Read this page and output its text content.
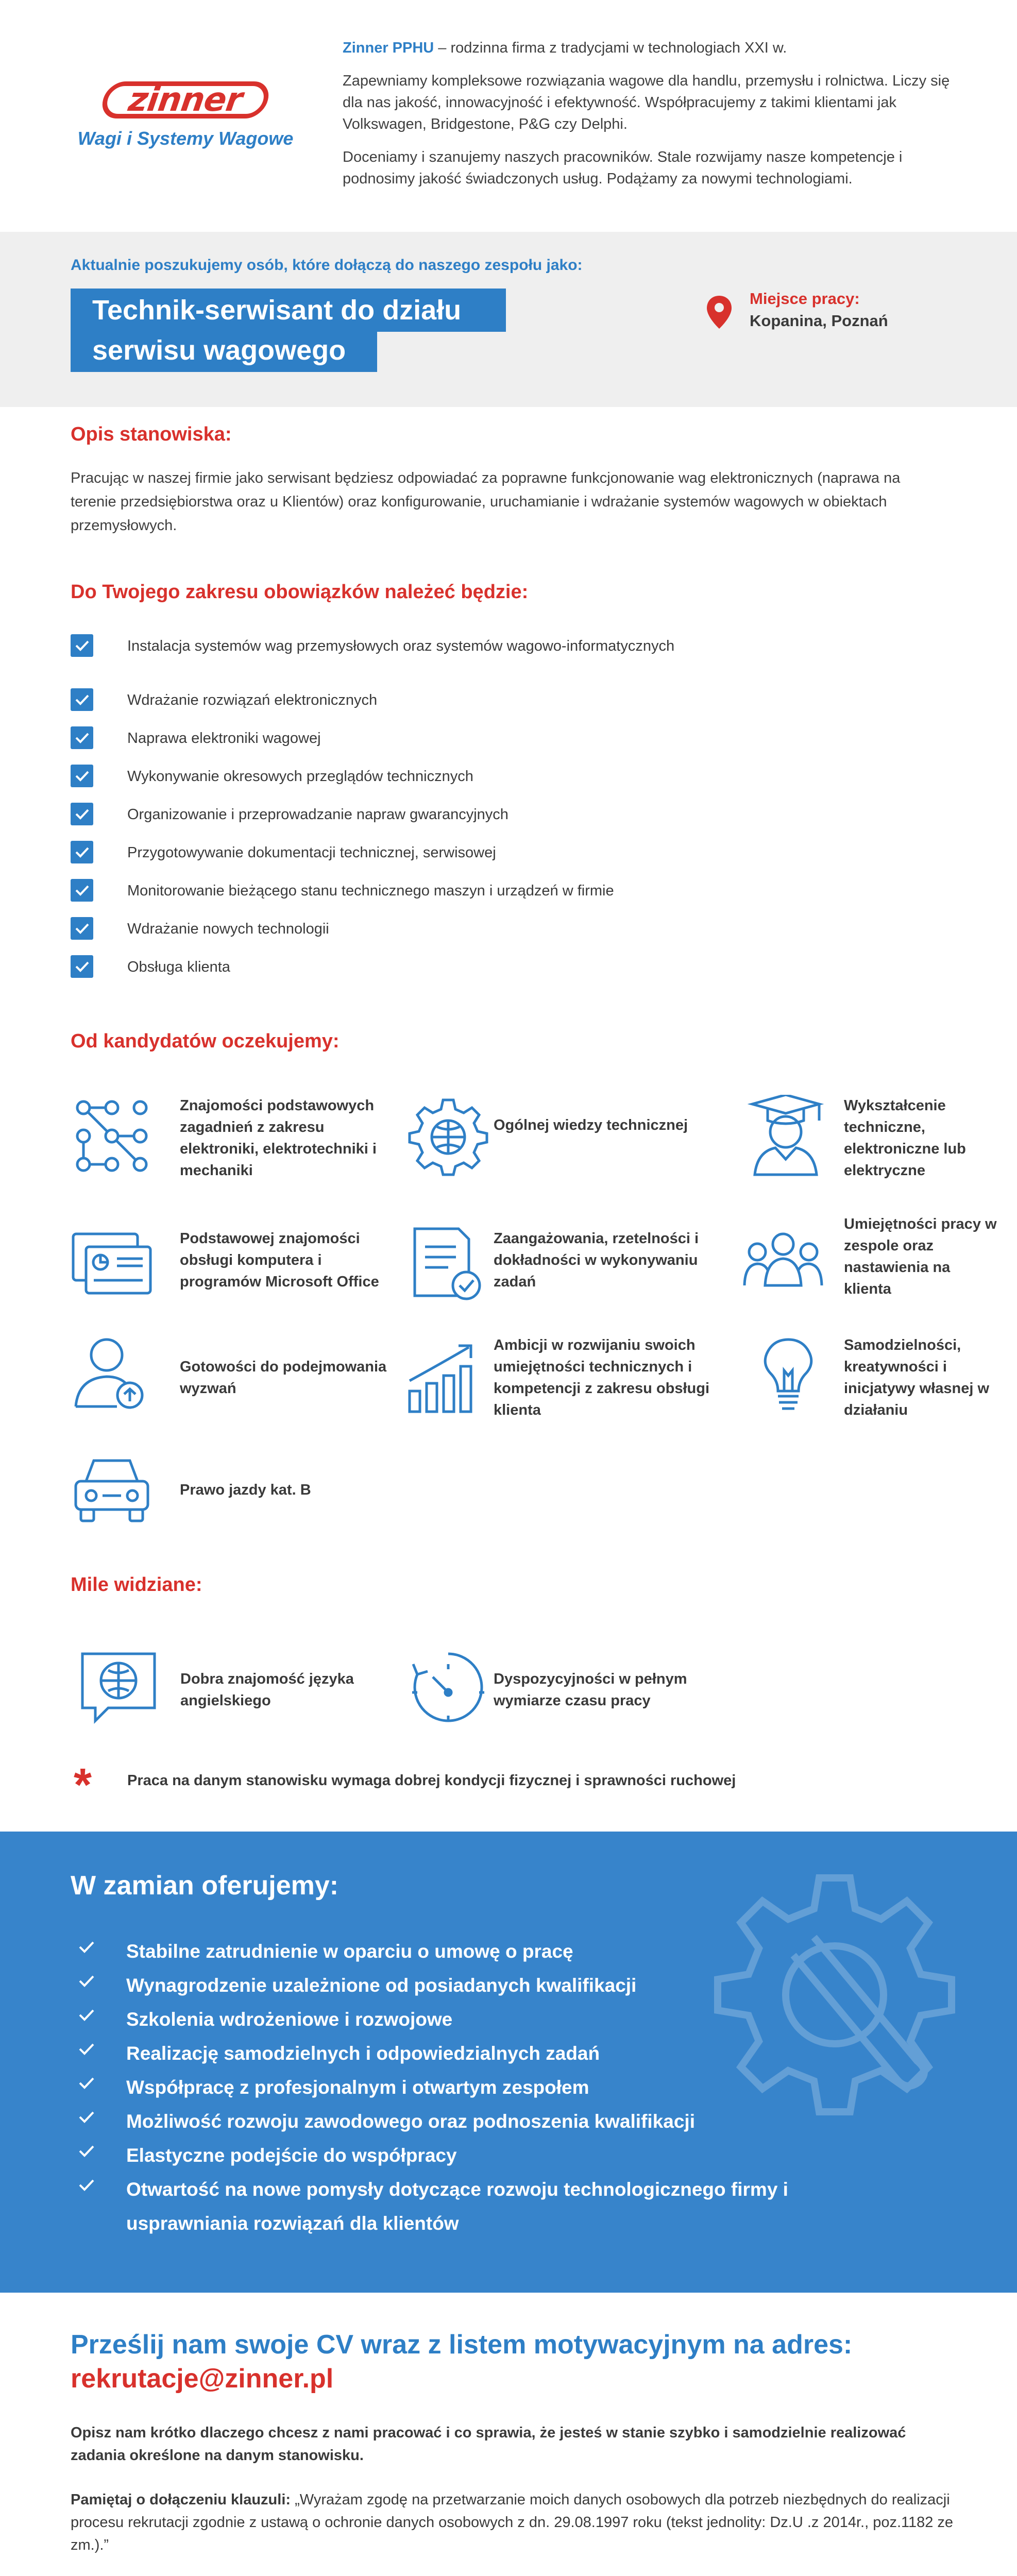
zinner
Wagi i Systemy Wagowe

Zinner PPHU – rodzinna firma z tradycjami w technologiach XXI w.

Zapewniamy kompleksowe rozwiązania wagowe dla handlu, przemysłu i rolnictwa. Liczy się dla nas jakość, innowacyjność i efektywność. Współpracujemy z takimi klientami jak Volkswagen, Bridgestone, P&G czy Delphi.

Doceniamy i szanujemy naszych pracowników. Stale rozwijamy nasze kompetencje i podnosimy jakość świadczonych usług. Podążamy za nowymi technologiami.

Aktualnie poszukujemy osób, które dołączą do naszego zespołu jako:
Technik-serwisant do działu
serwisu wagowego
Miejsce pracy:
Kopanina, Poznań
Opis stanowiska:
Pracując w naszej firmie jako serwisant będziesz odpowiadać za poprawne funkcjonowanie wag elektronicznych (naprawa na terenie przedsiębiorstwa oraz u Klientów) oraz konfigurowanie, uruchamianie i wdrażanie systemów wagowych w obiektach przemysłowych.
Do Twojego zakresu obowiązków należeć będzie:
Instalacja systemów wag przemysłowych oraz systemów wagowo-informatycznych
Wdrażanie rozwiązań elektronicznych
Naprawa elektroniki wagowej
Wykonywanie okresowych przeglądów technicznych
Organizowanie i przeprowadzanie napraw gwarancyjnych
Przygotowywanie dokumentacji technicznej, serwisowej
Monitorowanie bieżącego stanu technicznego maszyn i urządzeń w firmie
Wdrażanie nowych technologii
Obsługa klienta
Od kandydatów oczekujemy:
Znajomości podstawowych zagadnień z zakresu elektroniki, elektrotechniki i mechaniki
Ogólnej wiedzy technicznej
Wykształcenie techniczne, elektroniczne lub elektryczne
Podstawowej znajomości obsługi komputera i programów Microsoft Office
Zaangażowania, rzetelności i dokładności w wykonywaniu zadań
Umiejętności pracy w zespole oraz nastawienia na klienta
Gotowości do podejmowania wyzwań
Ambicji w rozwijaniu swoich umiejętności technicznych i kompetencji z zakresu obsługi klienta
Samodzielności, kreatywności i inicjatywy własnej w działaniu
Prawo jazdy kat. B
Mile widziane:
Dobra znajomość języka angielskiego
Dyspozycyjności w pełnym wymiarze czasu pracy
* Praca na danym stanowisku wymaga dobrej kondycji fizycznej i sprawności ruchowej
W zamian oferujemy:
Stabilne zatrudnienie w oparciu o umowę o pracę
Wynagrodzenie uzależnione od posiadanych kwalifikacji
Szkolenia wdrożeniowe i rozwojowe
Realizację samodzielnych i odpowiedzialnych zadań
Współpracę z profesjonalnym i otwartym zespołem
Możliwość rozwoju zawodowego oraz podnoszenia kwalifikacji
Elastyczne podejście do współpracy
Otwartość na nowe pomysły dotyczące rozwoju technologicznego firmy i usprawniania rozwiązań dla klientów
Prześlij nam swoje CV wraz z listem motywacyjnym na adres:
rekrutacje@zinner.pl
Opisz nam krótko dlaczego chcesz z nami pracować i co sprawia, że jesteś w stanie szybko i samodzielnie realizować zadania określone na danym stanowisku.
Pamiętaj o dołączeniu klauzuli: „Wyrażam zgodę na przetwarzanie moich danych osobowych dla potrzeb niezbędnych do realizacji procesu rekrutacji zgodnie z ustawą o ochronie danych osobowych z dn. 29.08.1997 roku (tekst jednolity: Dz.U .z 2014r., poz.1182 ze zm.).”
